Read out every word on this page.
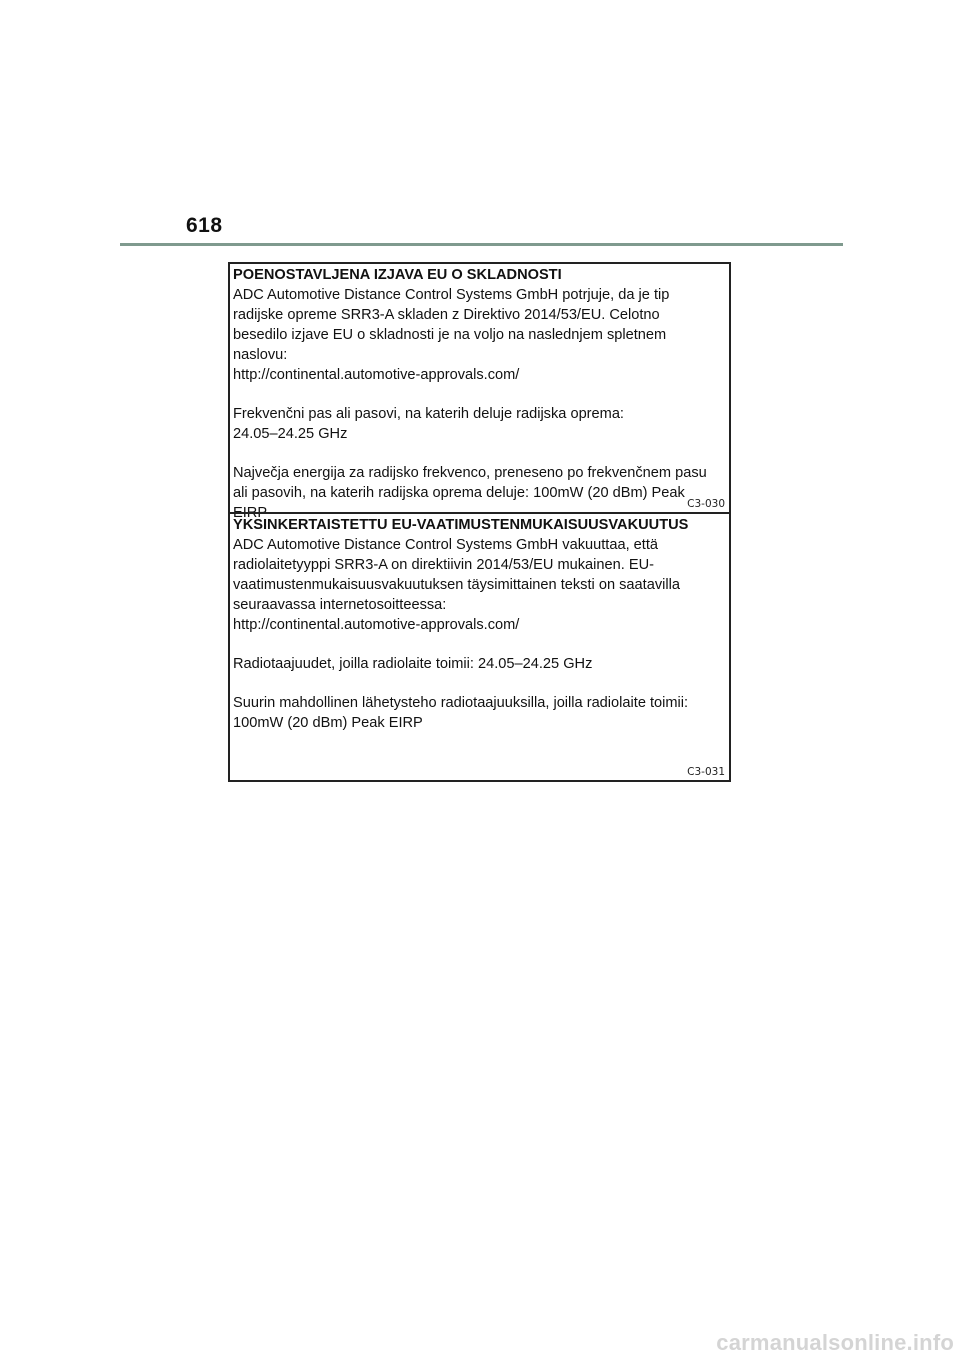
618

POENOSTAVLJENA IZJAVA EU O SKLADNOSTI

ADC Automotive Distance Control Systems GmbH potrjuje, da je tip

radijske opreme SRR3-A skladen z Direktivo 2014/53/EU. Celotno

besedilo izjave EU o skladnosti je na voljo na naslednjem spletnem

naslovu:

http://continental.automotive-approvals.com/

Frekvenčni pas ali pasovi, na katerih deluje radijska oprema:

24.05–24.25 GHz

Največja energija za radijsko frekvenco, preneseno po frekvenčnem pasu

ali pasovih, na katerih radijska oprema deluje: 100mW (20 dBm) Peak

EIRP

C3-030

YKSINKERTAISTETTU EU-VAATIMUSTENMUKAISUUSVAKUUTUS

ADC Automotive Distance Control Systems GmbH vakuuttaa, että

radiolaitetyyppi SRR3-A on direktiivin 2014/53/EU mukainen. EU-

vaatimustenmukaisuusvakuutuksen täysimittainen teksti on saatavilla

seuraavassa internetosoitteessa:

http://continental.automotive-approvals.com/

Radiotaajuudet, joilla radiolaite toimii: 24.05–24.25 GHz

Suurin mahdollinen lähetysteho radiotaajuuksilla, joilla radiolaite toimii:

100mW (20 dBm) Peak EIRP

C3-031
carmanualsonline.info
